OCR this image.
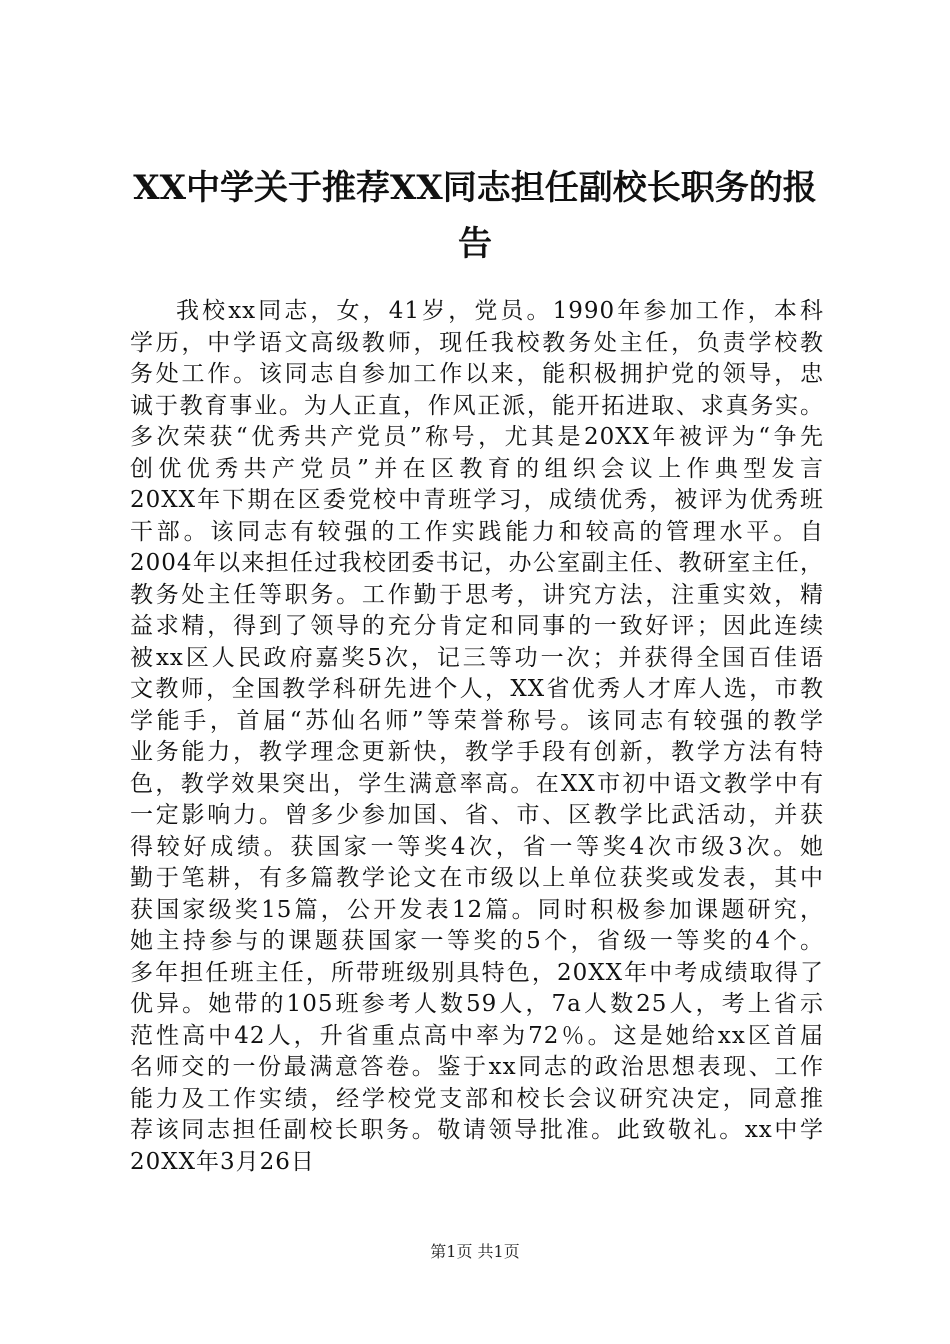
XX中学关于推荐XX同志担任副校长职务的报
告
我校xx同志，女，41岁，党员。1990年参加工作，本科
学历，中学语文高级教师，现任我校教务处主任，负责学校教
务处工作。该同志自参加工作以来，能积极拥护党的领导，忠
诚于教育事业。为人正直，作风正派，能开拓进取、求真务实。
多次荣获“优秀共产党员”称号，尤其是20XX年被评为“争先
创优优秀共产党员”并在区教育的组织会议上作典型发言
20XX年下期在区委党校中青班学习，成绩优秀，被评为优秀班
干部。该同志有较强的工作实践能力和较高的管理水平。自
2004年以来担任过我校团委书记，办公室副主任、教研室主任，
教务处主任等职务。工作勤于思考，讲究方法，注重实效，精
益求精，得到了领导的充分肯定和同事的一致好评；因此连续
被xx区人民政府嘉奖5次，记三等功一次；并获得全国百佳语
文教师，全国教学科研先进个人，XX省优秀人才库人选，市教
学能手，首届“苏仙名师”等荣誉称号。该同志有较强的教学
业务能力，教学理念更新快，教学手段有创新，教学方法有特
色，教学效果突出，学生满意率高。在XX市初中语文教学中有
一定影响力。曾多少参加国、省、市、区教学比武活动，并获
得较好成绩。获国家一等奖4次，省一等奖4次市级3次。她
勤于笔耕，有多篇教学论文在市级以上单位获奖或发表，其中
获国家级奖15篇，公开发表12篇。同时积极参加课题研究，
她主持参与的课题获国家一等奖的5个，省级一等奖的4个。
多年担任班主任，所带班级别具特色，20XX年中考成绩取得了
优异。她带的105班参考人数59人，7a人数25人，考上省示
范性高中42人，升省重点高中率为72％。这是她给xx区首届
名师交的一份最满意答卷。鉴于xx同志的政治思想表现、工作
能力及工作实绩，经学校党支部和校长会议研究决定，同意推
荐该同志担任副校长职务。敬请领导批准。此致敬礼。xx中学
20XX年3月26日
第1页 共1页
